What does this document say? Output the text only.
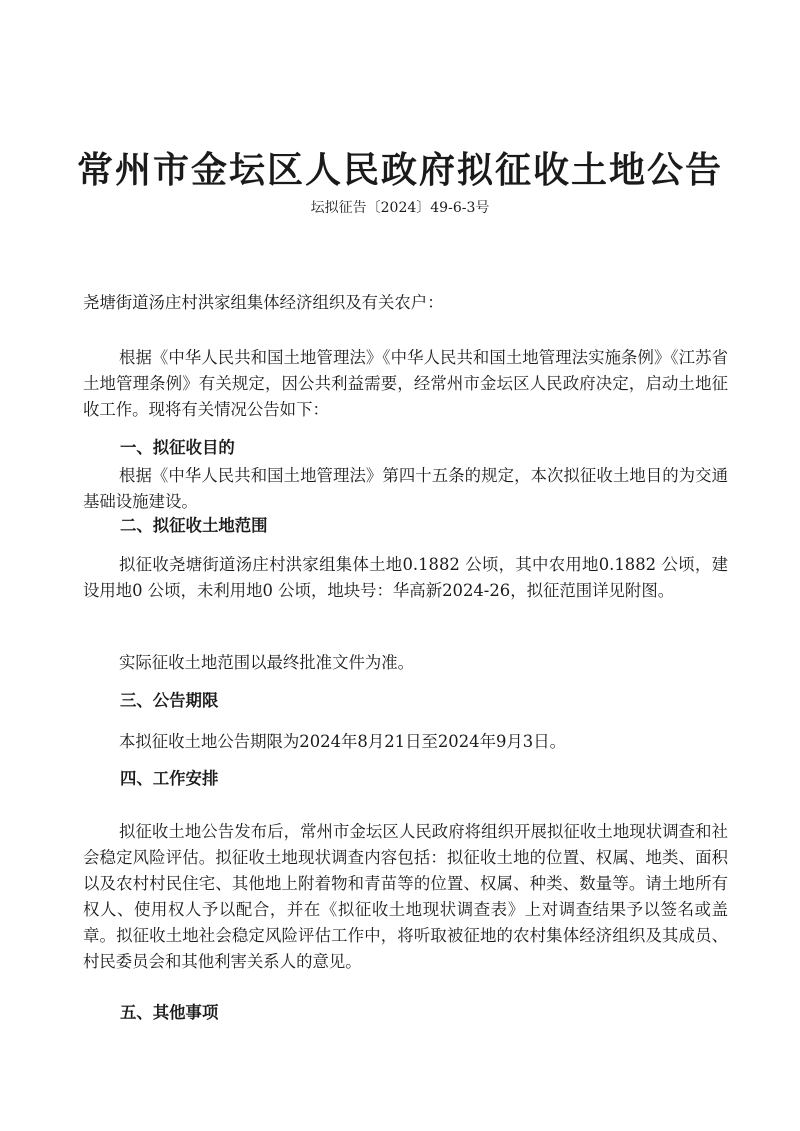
常州市金坛区人民政府拟征收土地公告
坛拟征告〔2024〕49-6-3号
尧塘街道汤庄村洪家组集体经济组织及有关农户：
根据《中华人民共和国土地管理法》《中华人民共和国土地管理法实施条例》《江苏省土地管理条例》有关规定，因公共利益需要，经常州市金坛区人民政府决定，启动土地征收工作。现将有关情况公告如下：
一、拟征收目的
根据《中华人民共和国土地管理法》第四十五条的规定，本次拟征收土地目的为交通基础设施建设。
二、拟征收土地范围
拟征收尧塘街道汤庄村洪家组集体土地0.1882 公顷，其中农用地0.1882 公顷，建设用地0 公顷，未利用地0 公顷，地块号：华高新2024-26，拟征范围详见附图。
实际征收土地范围以最终批准文件为准。
三、公告期限
本拟征收土地公告期限为2024年8月21日至2024年9月3日。
四、工作安排
拟征收土地公告发布后，常州市金坛区人民政府将组织开展拟征收土地现状调查和社会稳定风险评估。拟征收土地现状调查内容包括：拟征收土地的位置、权属、地类、面积以及农村村民住宅、其他地上附着物和青苗等的位置、权属、种类、数量等。请土地所有权人、使用权人予以配合，并在《拟征收土地现状调查表》上对调查结果予以签名或盖章。拟征收土地社会稳定风险评估工作中，将听取被征地的农村集体经济组织及其成员、村民委员会和其他利害关系人的意见。
五、其他事项
